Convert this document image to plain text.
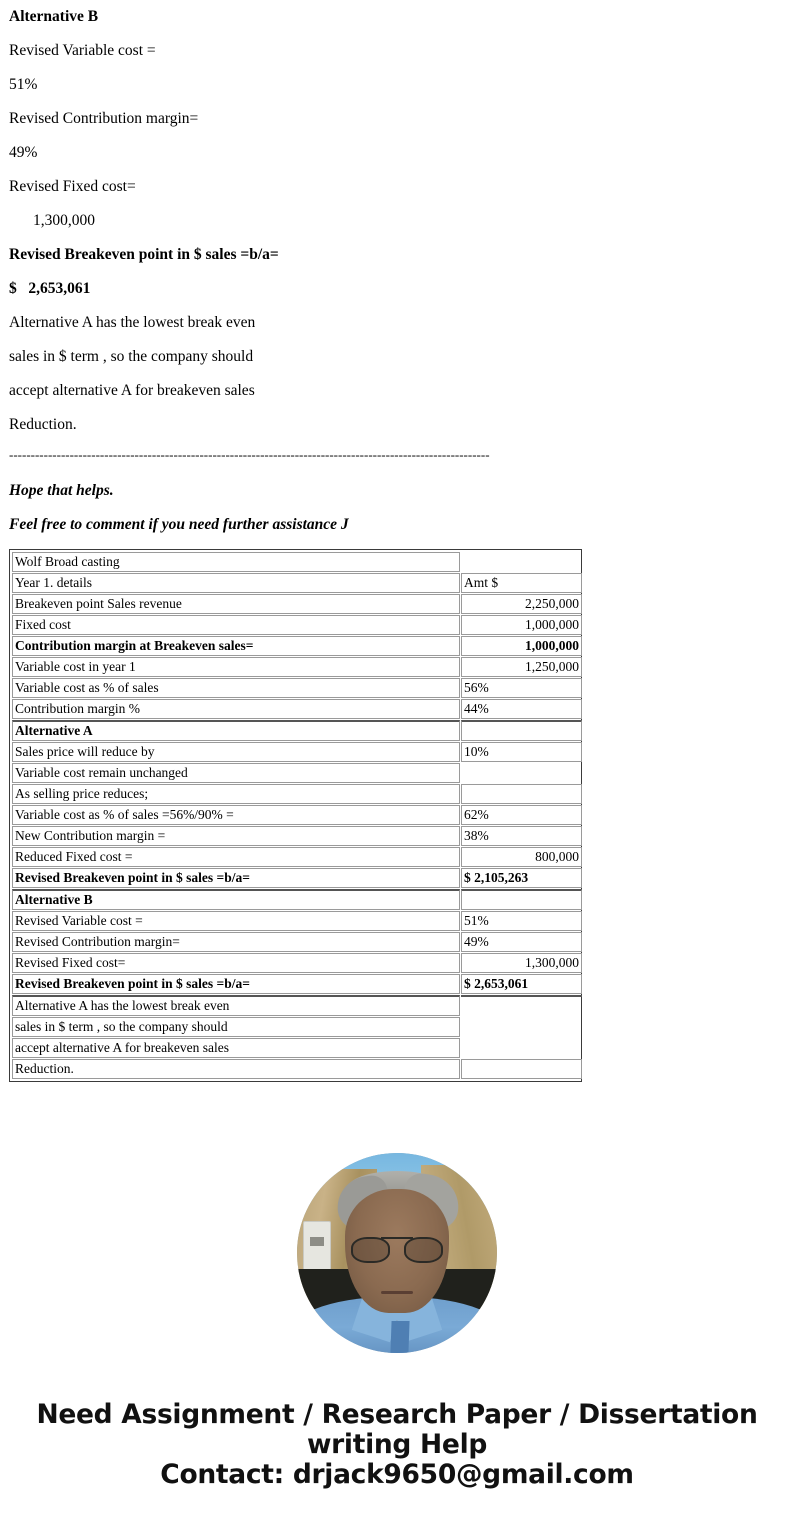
Alternative B
Revised Variable cost =
51%
Revised Contribution margin=
49%
Revised Fixed cost=
1,300,000
Revised Breakeven point in $ sales =b/a=
$   2,653,061
Alternative A has the lowest break even
sales in $ term , so the company should
accept alternative A for breakeven sales
Reduction.
---------------------------------------------------------------------------------------------------------------
Hope that helps.
Feel free to comment if you need further assistance J
Wolf Broad casting	
Year 1. details	Amt $
Breakeven point Sales revenue	2,250,000
Fixed cost	1,000,000
Contribution margin at Breakeven sales=	1,000,000
Variable cost in year 1	1,250,000
Variable cost as % of sales	56%
Contribution margin %	44%
Alternative A	
Sales price will reduce by	10%
Variable cost remain unchanged	
As selling price reduces;	
Variable cost as % of sales =56%/90% =	62%
New Contribution margin =	38%
Reduced Fixed cost =	800,000
Revised Breakeven point in $ sales =b/a=	$ 2,105,263
Alternative B	
Revised Variable cost =	51%
Revised Contribution margin=	49%
Revised Fixed cost=	1,300,000
Revised Breakeven point in $ sales =b/a=	$ 2,653,061
Alternative A has the lowest break even	
sales in $ term , so the company should	
accept alternative A for breakeven sales	
Reduction.	
Need Assignment / Research Paper / Dissertation
writing Help
Contact: drjack9650@gmail.com
